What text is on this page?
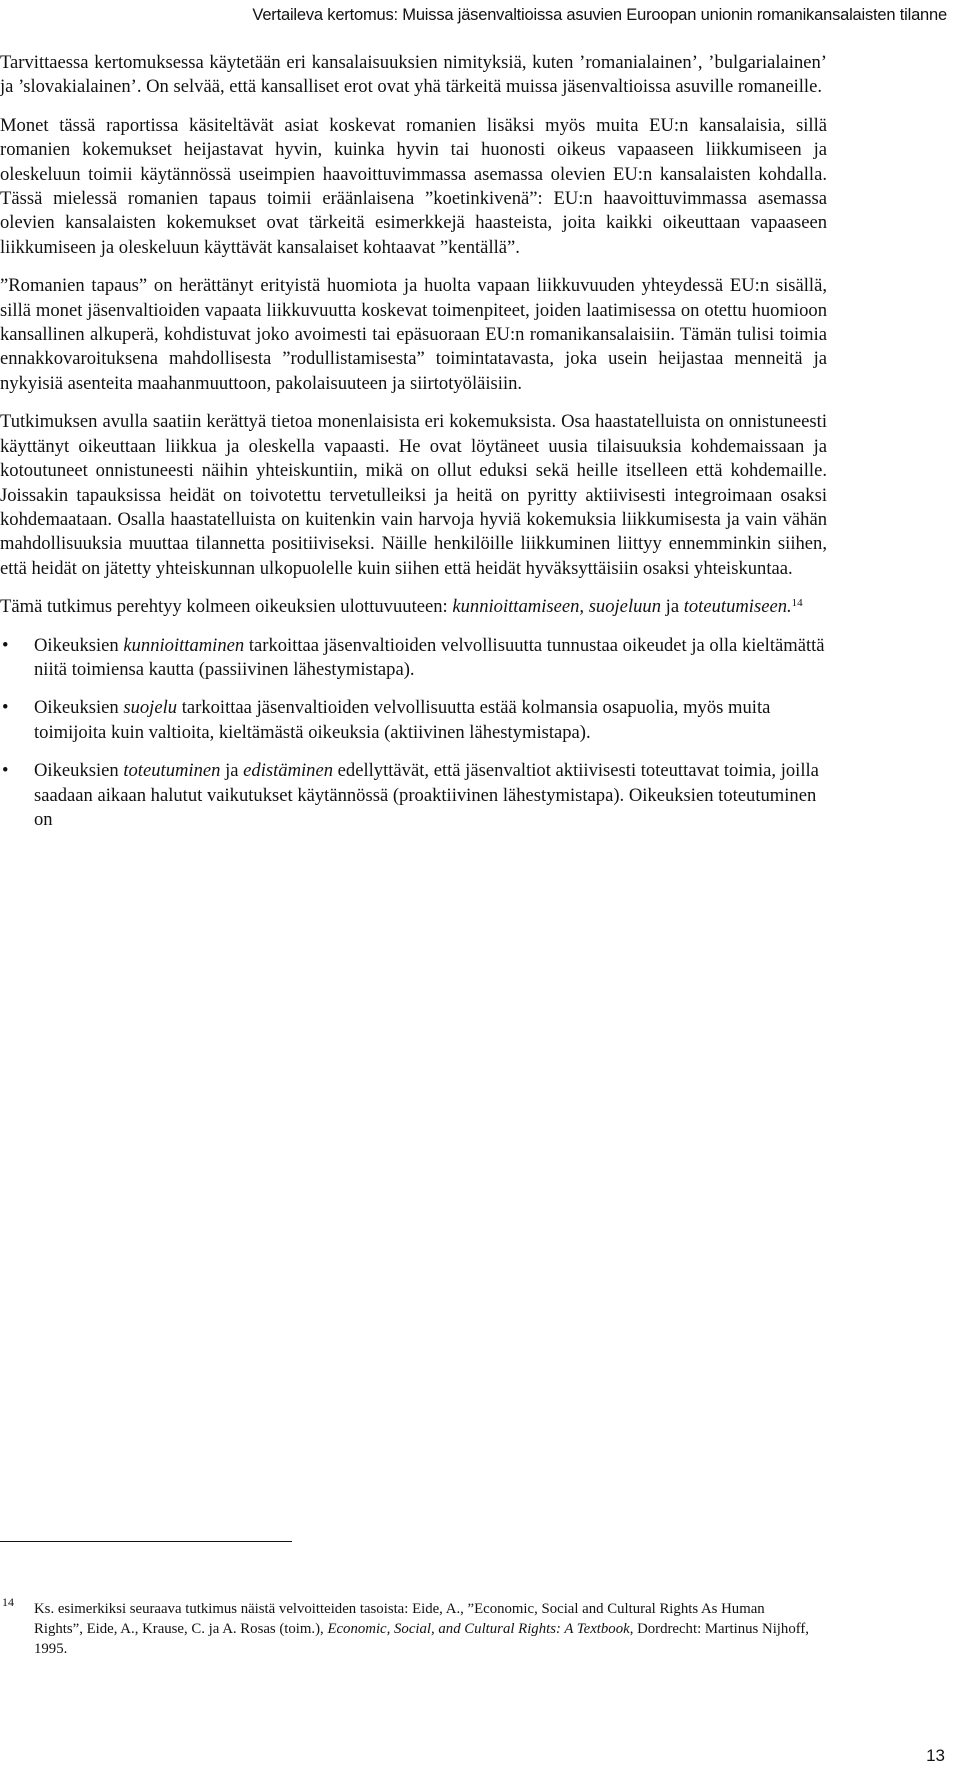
Vertaileva kertomus: Muissa jäsenvaltioissa asuvien Euroopan unionin romanikansalaisten tilanne

Tarvittaessa kertomuksessa käytetään eri kansalaisuuksien nimityksiä, kuten ’romanialainen’, ’bulgarialainen’ ja ’slovakialainen’. On selvää, että kansalliset erot ovat yhä tärkeitä muissa jäsenvaltioissa asuville romaneille.

Monet tässä raportissa käsiteltävät asiat koskevat romanien lisäksi myös muita EU:n kansalaisia, sillä romanien kokemukset heijastavat hyvin, kuinka hyvin tai huonosti oikeus vapaaseen liikkumiseen ja oleskeluun toimii käytännössä useimpien haavoittuvimmassa asemassa olevien EU:n kansalaisten kohdalla. Tässä mielessä romanien tapaus toimii eräänlaisena ”koetinkivenä”: EU:n haavoittuvimmassa asemassa olevien kansalaisten kokemukset ovat tärkeitä esimerkkejä haasteista, joita kaikki oikeuttaan vapaaseen liikkumiseen ja oleskeluun käyttävät kansalaiset kohtaavat ”kentällä”.

”Romanien tapaus” on herättänyt erityistä huomiota ja huolta vapaan liikkuvuuden yhteydessä EU:n sisällä, sillä monet jäsenvaltioiden vapaata liikkuvuutta koskevat toimenpiteet, joiden laatimisessa on otettu huomioon kansallinen alkuperä, kohdistuvat joko avoimesti tai epäsuoraan EU:n romanikansalaisiin. Tämän tulisi toimia ennakkovaroituksena mahdollisesta ”rodullistamisesta” toimintatavasta, joka usein heijastaa menneitä ja nykyisiä asenteita maahanmuuttoon, pakolaisuuteen ja siirtotyöläisiin.

Tutkimuksen avulla saatiin kerättyä tietoa monenlaisista eri kokemuksista. Osa haastatelluista on onnistuneesti käyttänyt oikeuttaan liikkua ja oleskella vapaasti. He ovat löytäneet uusia tilaisuuksia kohdemaissaan ja kotoutuneet onnistuneesti näihin yhteiskuntiin, mikä on ollut eduksi sekä heille itselleen että kohdemaille. Joissakin tapauksissa heidät on toivotettu tervetulleiksi ja heitä on pyritty aktiivisesti integroimaan osaksi kohdemaataan. Osalla haastatelluista on kuitenkin vain harvoja hyviä kokemuksia liikkumisesta ja vain vähän mahdollisuuksia muuttaa tilannetta positiiviseksi. Näille henkilöille liikkuminen liittyy ennemminkin siihen, että heidät on jätetty yhteiskunnan ulkopuolelle kuin siihen että heidät hyväksyttäisiin osaksi yhteiskuntaa.

Tämä tutkimus perehtyy kolmeen oikeuksien ulottuvuuteen: kunnioittamiseen, suojeluun ja toteutumiseen.$^{14}$

• Oikeuksien kunnioittaminen tarkoittaa jäsenvaltioiden velvollisuutta tunnustaa oikeudet ja olla kieltämättä niitä toimiensa kautta (passiivinen lähestymistapa).
• Oikeuksien suojelu tarkoittaa jäsenvaltioiden velvollisuutta estää kolmansia osapuolia, myös muita toimijoita kuin valtioita, kieltämästä oikeuksia (aktiivinen lähestymistapa).
• Oikeuksien toteutuminen ja edistäminen edellyttävät, että jäsenvaltiot aktiivisesti toteuttavat toimia, joilla saadaan aikaan halutut vaikutukset käytännössä (proaktiivinen lähestymistapa). Oikeuksien toteutuminen on
14 Ks. esimerkiksi seuraava tutkimus näistä velvoitteiden tasoista: Eide, A., ”Economic, Social and Cultural Rights As Human Rights”, Eide, A., Krause, C. ja A. Rosas (toim.), Economic, Social, and Cultural Rights: A Textbook, Dordrecht: Martinus Nijhoff, 1995.
13
